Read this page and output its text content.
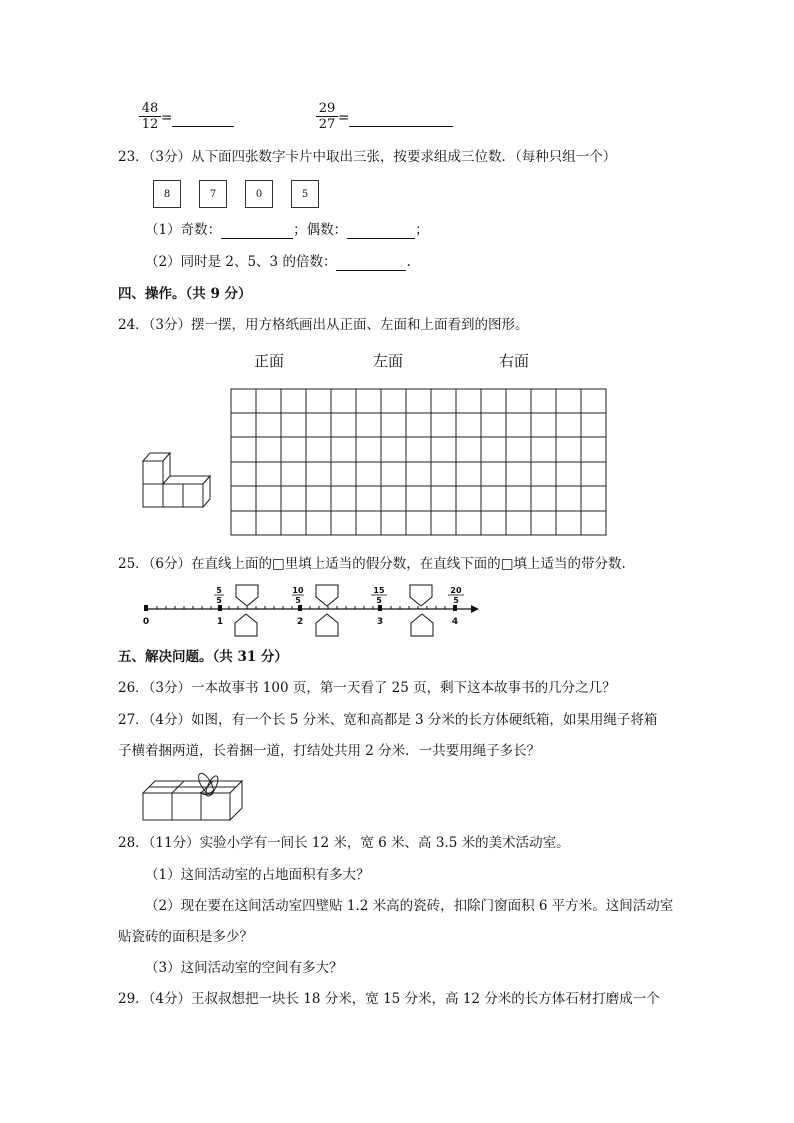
$\frac{48}{12}$ =	$\frac{29}{27}$ =
23．（3分）从下面四张数字卡片中取出三张，按要求组成三位数．（每种只组一个）
8	7	0	5
（1）奇数：	；偶数：	；
（2）同时是 2、5、3 的倍数：	.
四、操作。（共 9 分）
24．（3分）摆一摆，用方格纸画出从正面、左面和上面看到的图形。
正面	左面	右面
25．（6分）在直线上面的□里填上适当的假分数，在直线下面的□填上适当的带分数.
5
5
10
5
15
5
20
5
0	1	2	3	4
五、解决问题。（共 31 分）
26．（3分）一本故事书 100 页，第一天看了 25 页，剩下这本故事书的几分之几？
27．（4分）如图，有一个长 5 分米、宽和高都是 3 分米的长方体硬纸箱，如果用绳子将箱
子横着捆两道，长着捆一道，打结处共用 2 分米．一共要用绳子多长？
28．（11分）实验小学有一间长 12 米，宽 6 米、高 3.5 米的美术活动室。
（1）这间活动室的占地面积有多大？
（2）现在要在这间活动室四壁贴 1.2 米高的瓷砖，扣除门窗面积 6 平方米。这间活动室
贴瓷砖的面积是多少？
（3）这间活动室的空间有多大？
29．（4分）王叔叔想把一块长 18 分米，宽 15 分米，高 12 分米的长方体石材打磨成一个
